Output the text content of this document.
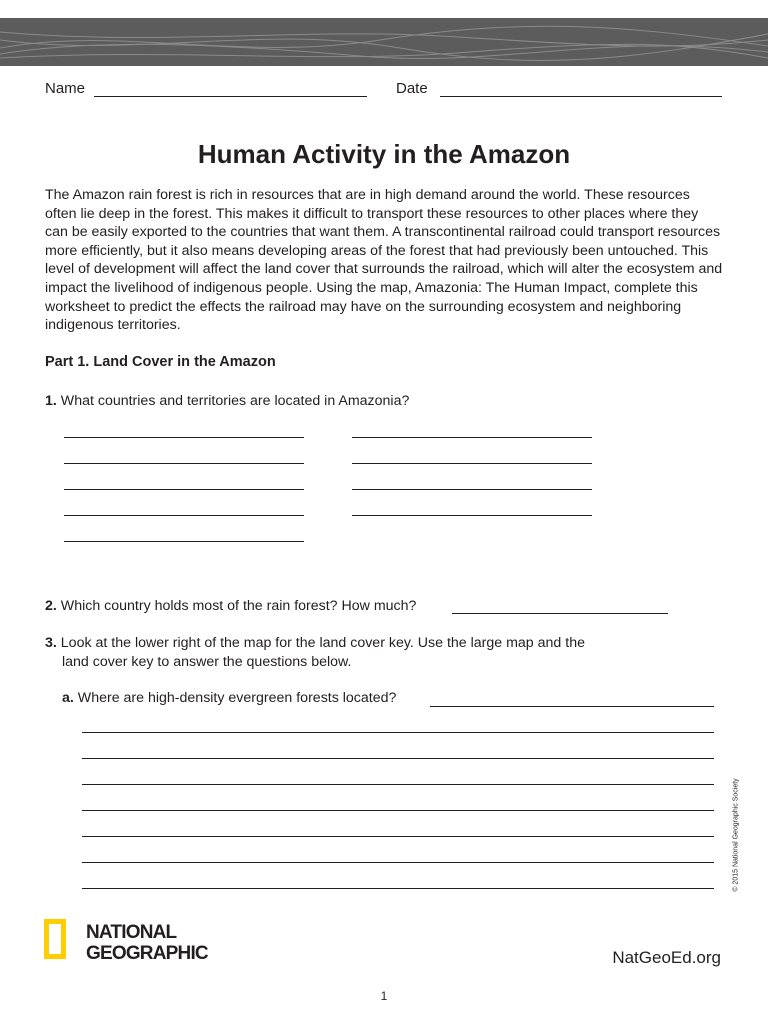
Name	Date
Human Activity in the Amazon

The Amazon rain forest is rich in resources that are in high demand around the world. These resources often lie deep in the forest. This makes it difficult to transport these resources to other places where they can be easily exported to the countries that want them. A transcontinental railroad could transport resources more efficiently, but it also means developing areas of the forest that had previously been untouched. This level of development will affect the land cover that surrounds the railroad, which will alter the ecosystem and impact the livelihood of indigenous people. Using the map, Amazonia: The Human Impact, complete this worksheet to predict the effects the railroad may have on the surrounding ecosystem and neighboring indigenous territories.

Part 1. Land Cover in the Amazon
1. What countries and territories are located in Amazonia?
2. Which country holds most of the rain forest? How much?
3. Look at the lower right of the map for the land cover key. Use the large map and the
land cover key to answer the questions below.
a. Where are high-density evergreen forests located?
© 2015 National Geographic Society
NATIONAL
GEOGRAPHIC	NatGeoEd.org
1
